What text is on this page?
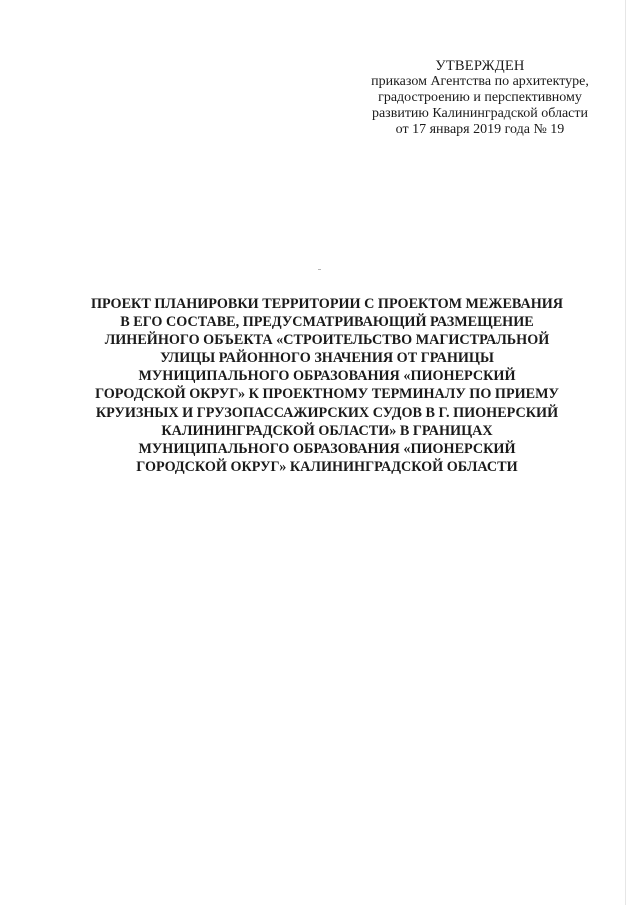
УТВЕРЖДЕН
приказом Агентства по архитектуре,
градостроению и перспективному
развитию Калининградской области
от 17 января 2019 года № 19
ПРОЕКТ ПЛАНИРОВКИ ТЕРРИТОРИИ С ПРОЕКТОМ МЕЖЕВАНИЯ
В ЕГО СОСТАВЕ, ПРЕДУСМАТРИВАЮЩИЙ РАЗМЕЩЕНИЕ
ЛИНЕЙНОГО ОБЪЕКТА «СТРОИТЕЛЬСТВО МАГИСТРАЛЬНОЙ
УЛИЦЫ РАЙОННОГО ЗНАЧЕНИЯ ОТ ГРАНИЦЫ
МУНИЦИПАЛЬНОГО ОБРАЗОВАНИЯ «ПИОНЕРСКИЙ
ГОРОДСКОЙ ОКРУГ» К ПРОЕКТНОМУ ТЕРМИНАЛУ ПО ПРИЕМУ
КРУИЗНЫХ И ГРУЗОПАССАЖИРСКИХ СУДОВ В Г. ПИОНЕРСКИЙ
КАЛИНИНГРАДСКОЙ ОБЛАСТИ» В ГРАНИЦАХ
МУНИЦИПАЛЬНОГО ОБРАЗОВАНИЯ «ПИОНЕРСКИЙ
ГОРОДСКОЙ ОКРУГ» КАЛИНИНГРАДСКОЙ ОБЛАСТИ
